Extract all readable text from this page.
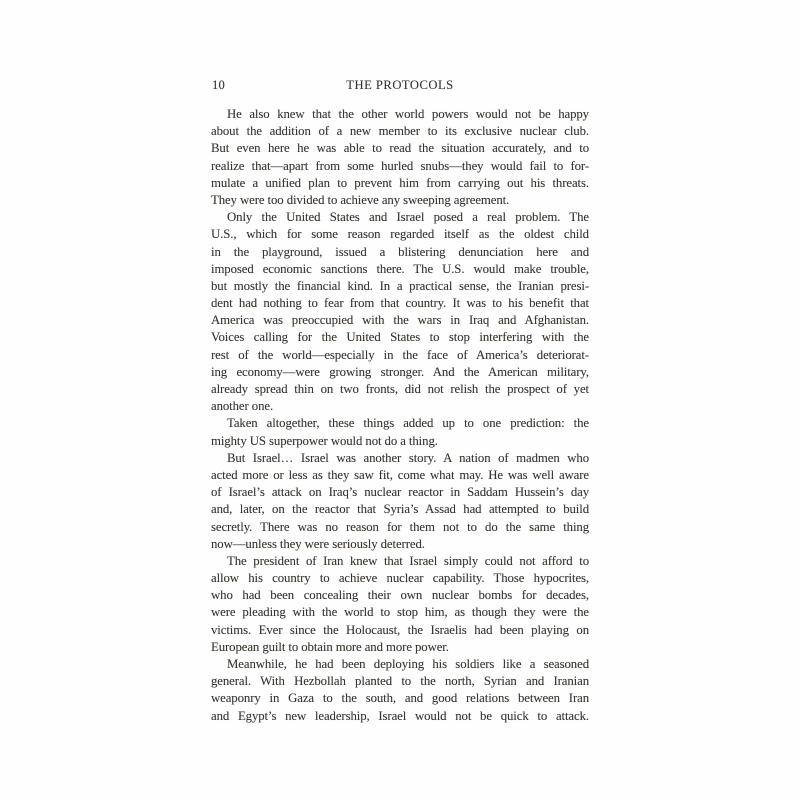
10	THE PROTOCOLS
He also knew that the other world powers would not be happy
about the addition of a new member to its exclusive nuclear club.
But even here he was able to read the situation accurately, and to
realize that—apart from some hurled snubs—they would fail to for-
mulate a unified plan to prevent him from carrying out his threats.
They were too divided to achieve any sweeping agreement.
Only the United States and Israel posed a real problem. The
U.S., which for some reason regarded itself as the oldest child
in the playground, issued a blistering denunciation here and
imposed economic sanctions there. The U.S. would make trouble,
but mostly the financial kind. In a practical sense, the Iranian presi-
dent had nothing to fear from that country. It was to his benefit that
America was preoccupied with the wars in Iraq and Afghanistan.
Voices calling for the United States to stop interfering with the
rest of the world—especially in the face of America’s deteriorat-
ing economy—were growing stronger. And the American military,
already spread thin on two fronts, did not relish the prospect of yet
another one.
Taken altogether, these things added up to one prediction: the
mighty US superpower would not do a thing.
But Israel… Israel was another story. A nation of madmen who
acted more or less as they saw fit, come what may. He was well aware
of Israel’s attack on Iraq’s nuclear reactor in Saddam Hussein’s day
and, later, on the reactor that Syria’s Assad had attempted to build
secretly. There was no reason for them not to do the same thing
now—unless they were seriously deterred.
The president of Iran knew that Israel simply could not afford to
allow his country to achieve nuclear capability. Those hypocrites,
who had been concealing their own nuclear bombs for decades,
were pleading with the world to stop him, as though they were the
victims. Ever since the Holocaust, the Israelis had been playing on
European guilt to obtain more and more power.
Meanwhile, he had been deploying his soldiers like a seasoned
general. With Hezbollah planted to the north, Syrian and Iranian
weaponry in Gaza to the south, and good relations between Iran
and Egypt’s new leadership, Israel would not be quick to attack.
